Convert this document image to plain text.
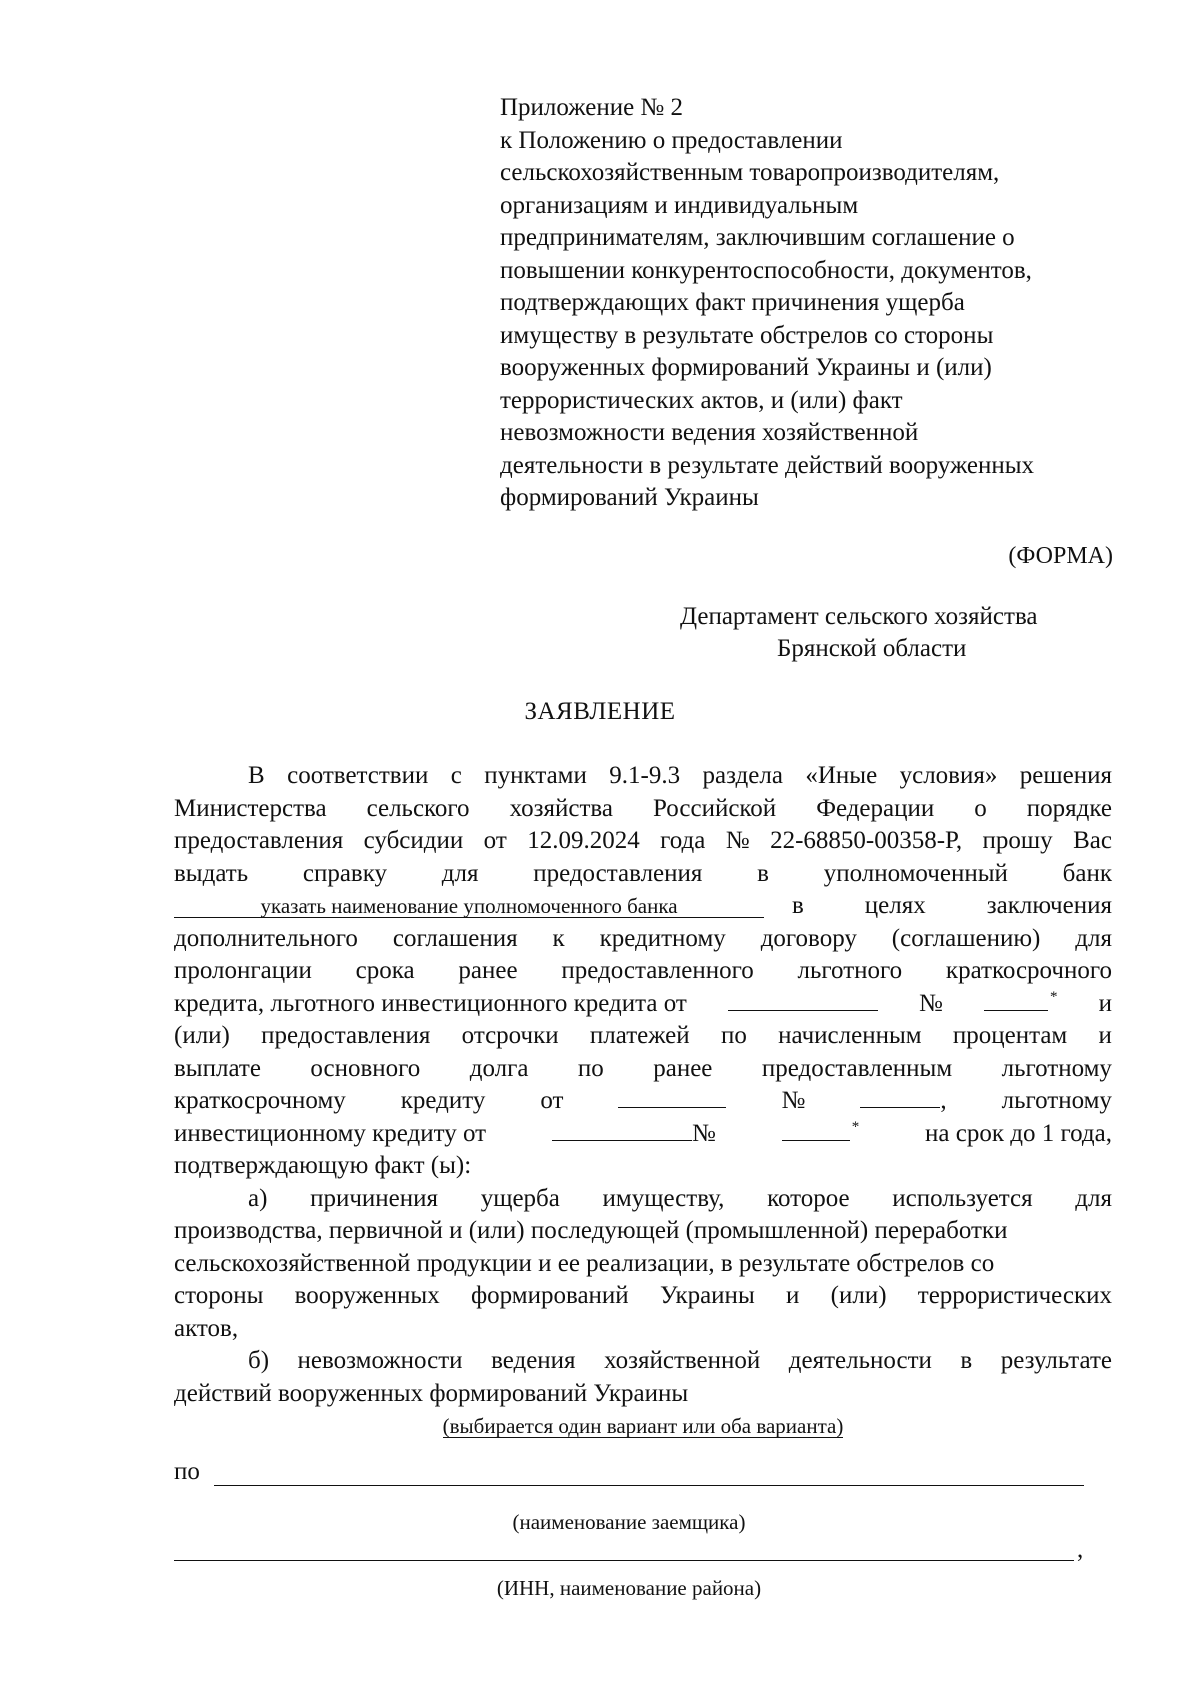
Приложение № 2
к Положению о предоставлении
сельскохозяйственным товаропроизводителям,
организациям и индивидуальным
предпринимателям, заключившим соглашение о
повышении конкурентоспособности, документов,
подтверждающих факт причинения ущерба
имуществу в результате обстрелов со стороны
вооруженных формирований Украины и (или)
террористических актов, и (или) факт
невозможности ведения хозяйственной
деятельности в результате действий вооруженных
формирований Украины
(ФОРМА)
Департамент сельского хозяйства
Брянской области
ЗАЯВЛЕНИЕ
В соответствии с пунктами 9.1-9.3 раздела «Иные условия» решения
Министерства сельского хозяйства Российской Федерации о порядке
предоставления субсидии от 12.09.2024 года № 22-68850-00358-Р, прошу Вас
выдать справку для предоставления в уполномоченный банк
указать наименование уполномоченного банка	в целях заключения
дополнительного соглашения к кредитному договору (соглашению) для
пролонгации срока ранее предоставленного льготного краткосрочного
кредита, льготного инвестиционного кредита от	№	* и
(или) предоставления отсрочки платежей по начисленным процентам и
выплате основного долга по ранее предоставленным льготному
краткосрочному кредиту от	№	, льготному
инвестиционному кредиту от	№	*	на срок до 1 года,
подтверждающую факт (ы):
а) причинения ущерба имуществу, которое используется для
производства, первичной и (или) последующей (промышленной) переработки
сельскохозяйственной продукции и ее реализации, в результате обстрелов со
стороны вооруженных формирований Украины и (или) террористических
актов,
б) невозможности ведения хозяйственной деятельности в результате
действий вооруженных формирований Украины
(выбирается один вариант или оба варианта)
по
(наименование заемщика)
,
(ИНН, наименование района)
